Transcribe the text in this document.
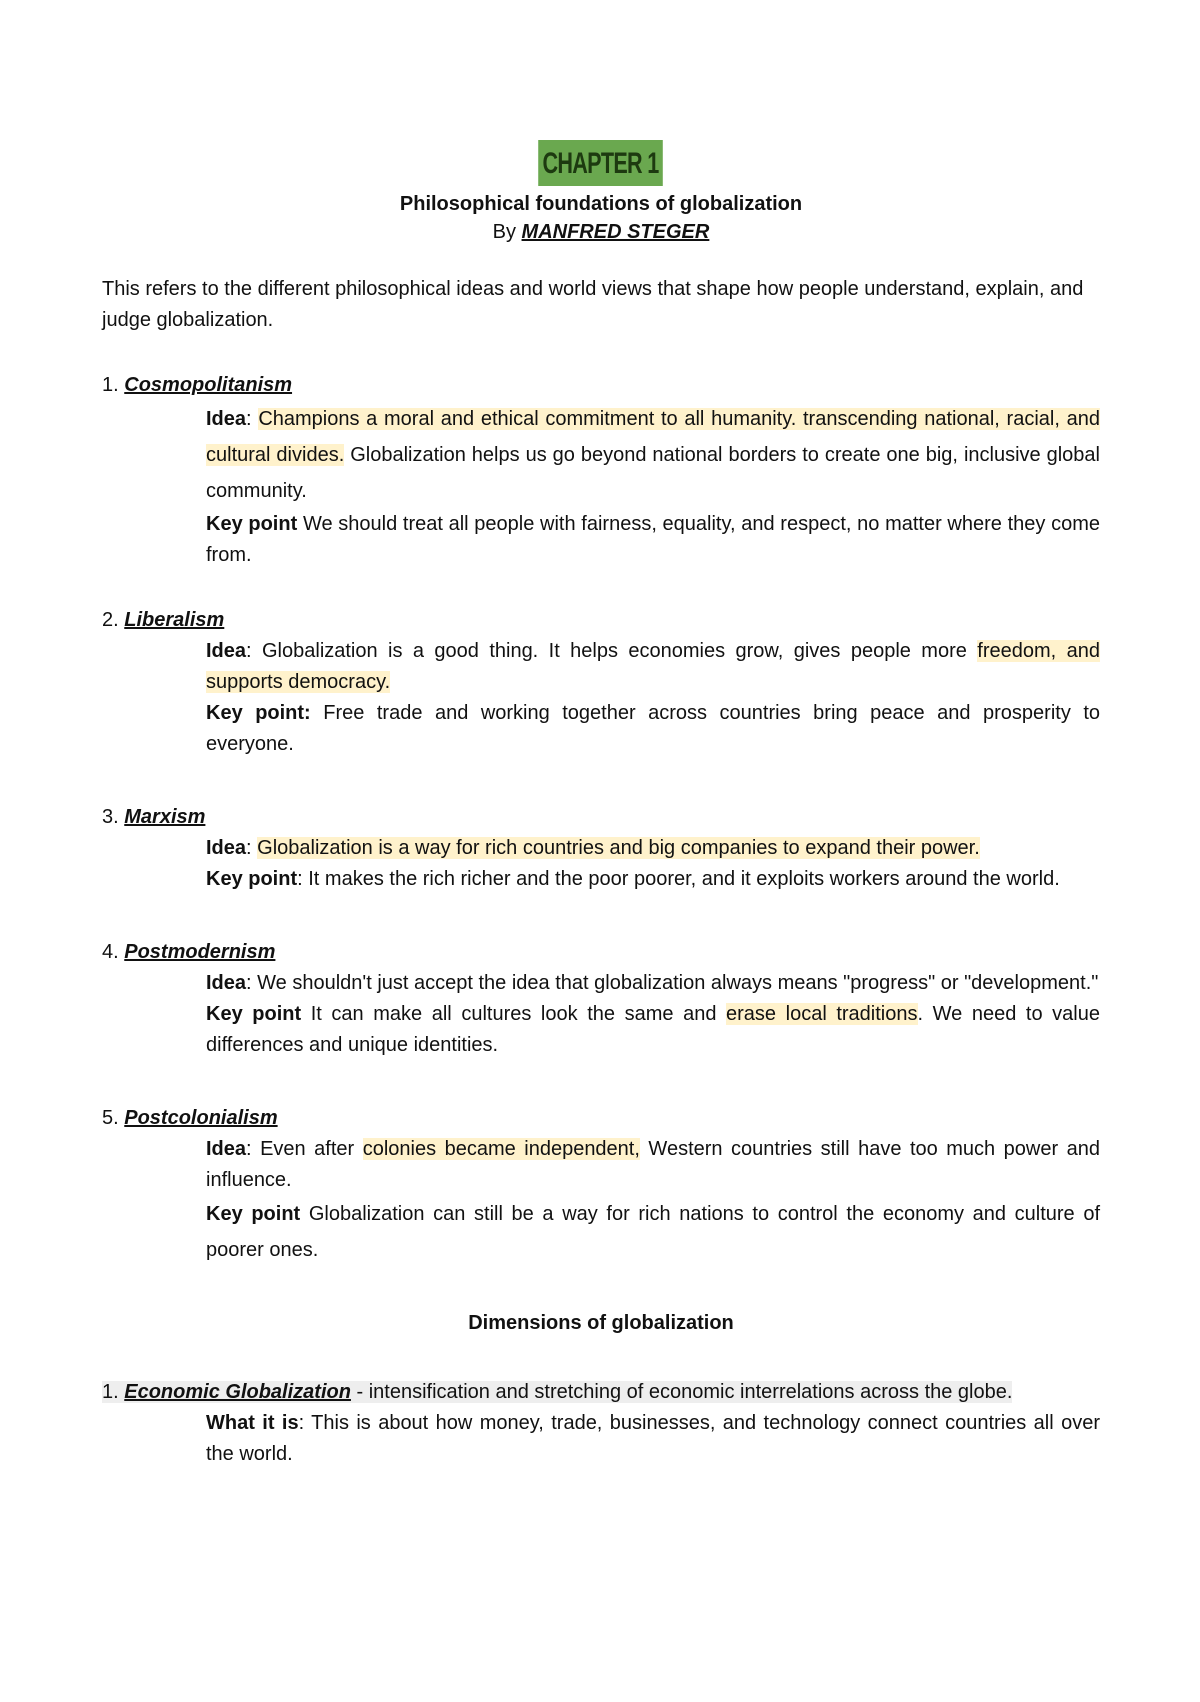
CHAPTER 1
Philosophical foundations of globalization
By MANFRED STEGER

This refers to the different philosophical ideas and world views that shape how people understand, explain, and judge globalization.

1. Cosmopolitanism
Idea: Champions a moral and ethical commitment to all humanity. transcending national, racial, and cultural divides. Globalization helps us go beyond national borders to create one big, inclusive global community.
Key point We should treat all people with fairness, equality, and respect, no matter where they come from.
2. Liberalism
Idea: Globalization is a good thing. It helps economies grow, gives people more freedom, and supports democracy.
Key point: Free trade and working together across countries bring peace and prosperity to everyone.
3. Marxism
Idea: Globalization is a way for rich countries and big companies to expand their power.
Key point: It makes the rich richer and the poor poorer, and it exploits workers around the world.
4. Postmodernism
Idea: We shouldn't just accept the idea that globalization always means "progress" or "development."
Key point It can make all cultures look the same and erase local traditions. We need to value differences and unique identities.
5. Postcolonialism
Idea: Even after colonies became independent, Western countries still have too much power and influence.
Key point Globalization can still be a way for rich nations to control the economy and culture of poorer ones.
Dimensions of globalization
1. Economic Globalization - intensification and stretching of economic interrelations across the globe.
What it is: This is about how money, trade, businesses, and technology connect countries all over the world.
